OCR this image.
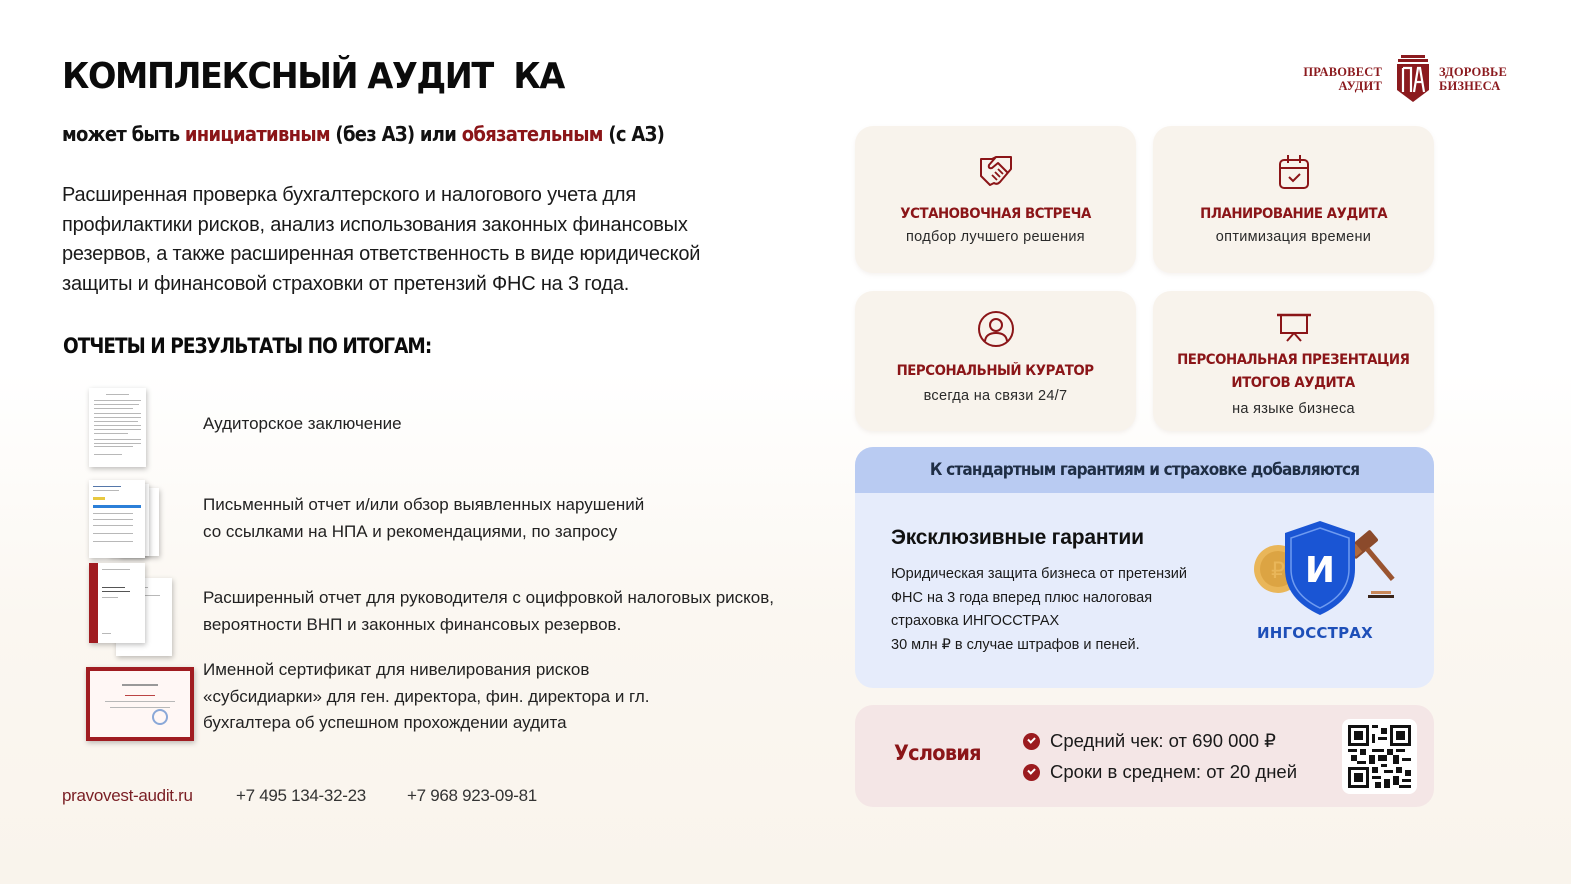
КОМПЛЕКСНЫЙ АУДИТ  КА
может быть инициативным (без АЗ) или обязательным (с АЗ)
ПРАВОВЕСТ
АУДИТ
ЗДОРОВЬЕ
БИЗНЕСА
Расширенная проверка бухгалтерского и налогового учета для профилактики рисков, анализ использования законных финансовых резервов, а также расширенная ответственность в виде юридической защиты и финансовой страховки от претензий ФНС на 3 года.
ОТЧЕТЫ И РЕЗУЛЬТАТЫ ПО ИТОГАМ:
Аудиторское заключение
Письменный отчет и/или обзор выявленных нарушений
со ссылками на НПА и рекомендациями, по запросу
Расширенный отчет для руководителя с оцифровкой налоговых рисков,
вероятности ВНП и законных финансовых резервов.
Именной сертификат для нивелирования рисков
«субсидиарки» для ген. директора, фин. директора и гл.
бухгалтера об успешном прохождении аудита
pravovest-audit.ru	+7 495 134-32-23 +7 968 923-09-81
УСТАНОВОЧНАЯ ВСТРЕЧА
подбор лучшего решения
ПЛАНИРОВАНИЕ АУДИТА
оптимизация времени
ПЕРСОНАЛЬНЫЙ КУРАТОР
всегда на связи 24/7
ПЕРСОНАЛЬНАЯ ПРЕЗЕНТАЦИЯ
ИТОГОВ АУДИТА
на языке бизнеса
К стандартным гарантиям и страховке добавляются
Эксклюзивные гарантии
Юридическая защита бизнеса от претензий
ФНС на 3 года вперед плюс налоговая
страховка ИНГОССТРАХ
30 млн ₽ в случае штрафов и пеней.
₽ И
ИНГОССТРАХ
Условия
Средний чек: от 690 000 ₽
Сроки в среднем: от 20 дней
